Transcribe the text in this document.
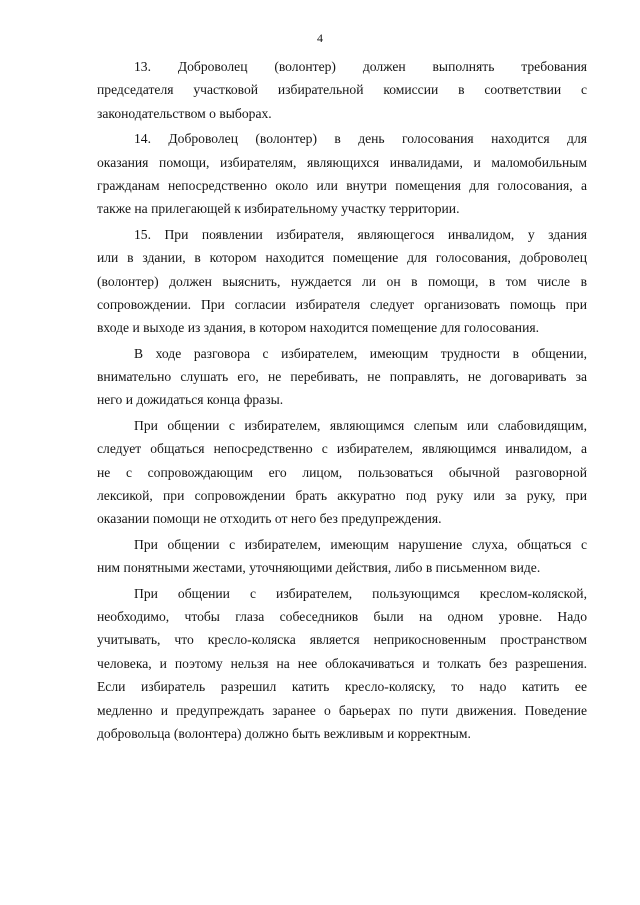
4
13. Доброволец (волонтер) должен выполнять требования
председателя участковой избирательной комиссии в соответствии с
законодательством о выборах.
14. Доброволец (волонтер) в день голосования находится для
оказания помощи, избирателям, являющихся инвалидами, и маломобильным
гражданам непосредственно около или внутри помещения для голосования, а
также на прилегающей к избирательному участку территории.
15. При появлении избирателя, являющегося инвалидом, у здания
или в здании, в котором находится помещение для голосования, доброволец
(волонтер) должен выяснить, нуждается ли он в помощи, в том числе в
сопровождении. При согласии избирателя следует организовать помощь при
входе и выходе из здания, в котором находится помещение для голосования.
В ходе разговора с избирателем, имеющим трудности в общении,
внимательно слушать его, не перебивать, не поправлять, не договаривать за
него и дожидаться конца фразы.
При общении с избирателем, являющимся слепым или слабовидящим,
следует общаться непосредственно с избирателем, являющимся инвалидом, а
не с сопровождающим его лицом, пользоваться обычной разговорной
лексикой, при сопровождении брать аккуратно под руку или за руку, при
оказании помощи не отходить от него без предупреждения.
При общении с избирателем, имеющим нарушение слуха, общаться с
ним понятными жестами, уточняющими действия, либо в письменном виде.
При общении с избирателем, пользующимся креслом-коляской,
необходимо, чтобы глаза собеседников были на одном уровне. Надо
учитывать, что кресло-коляска является неприкосновенным пространством
человека, и поэтому нельзя на нее облокачиваться и толкать без разрешения.
Если избиратель разрешил катить кресло-коляску, то надо катить ее
медленно и предупреждать заранее о барьерах по пути движения. Поведение
добровольца (волонтера) должно быть вежливым и корректным.
